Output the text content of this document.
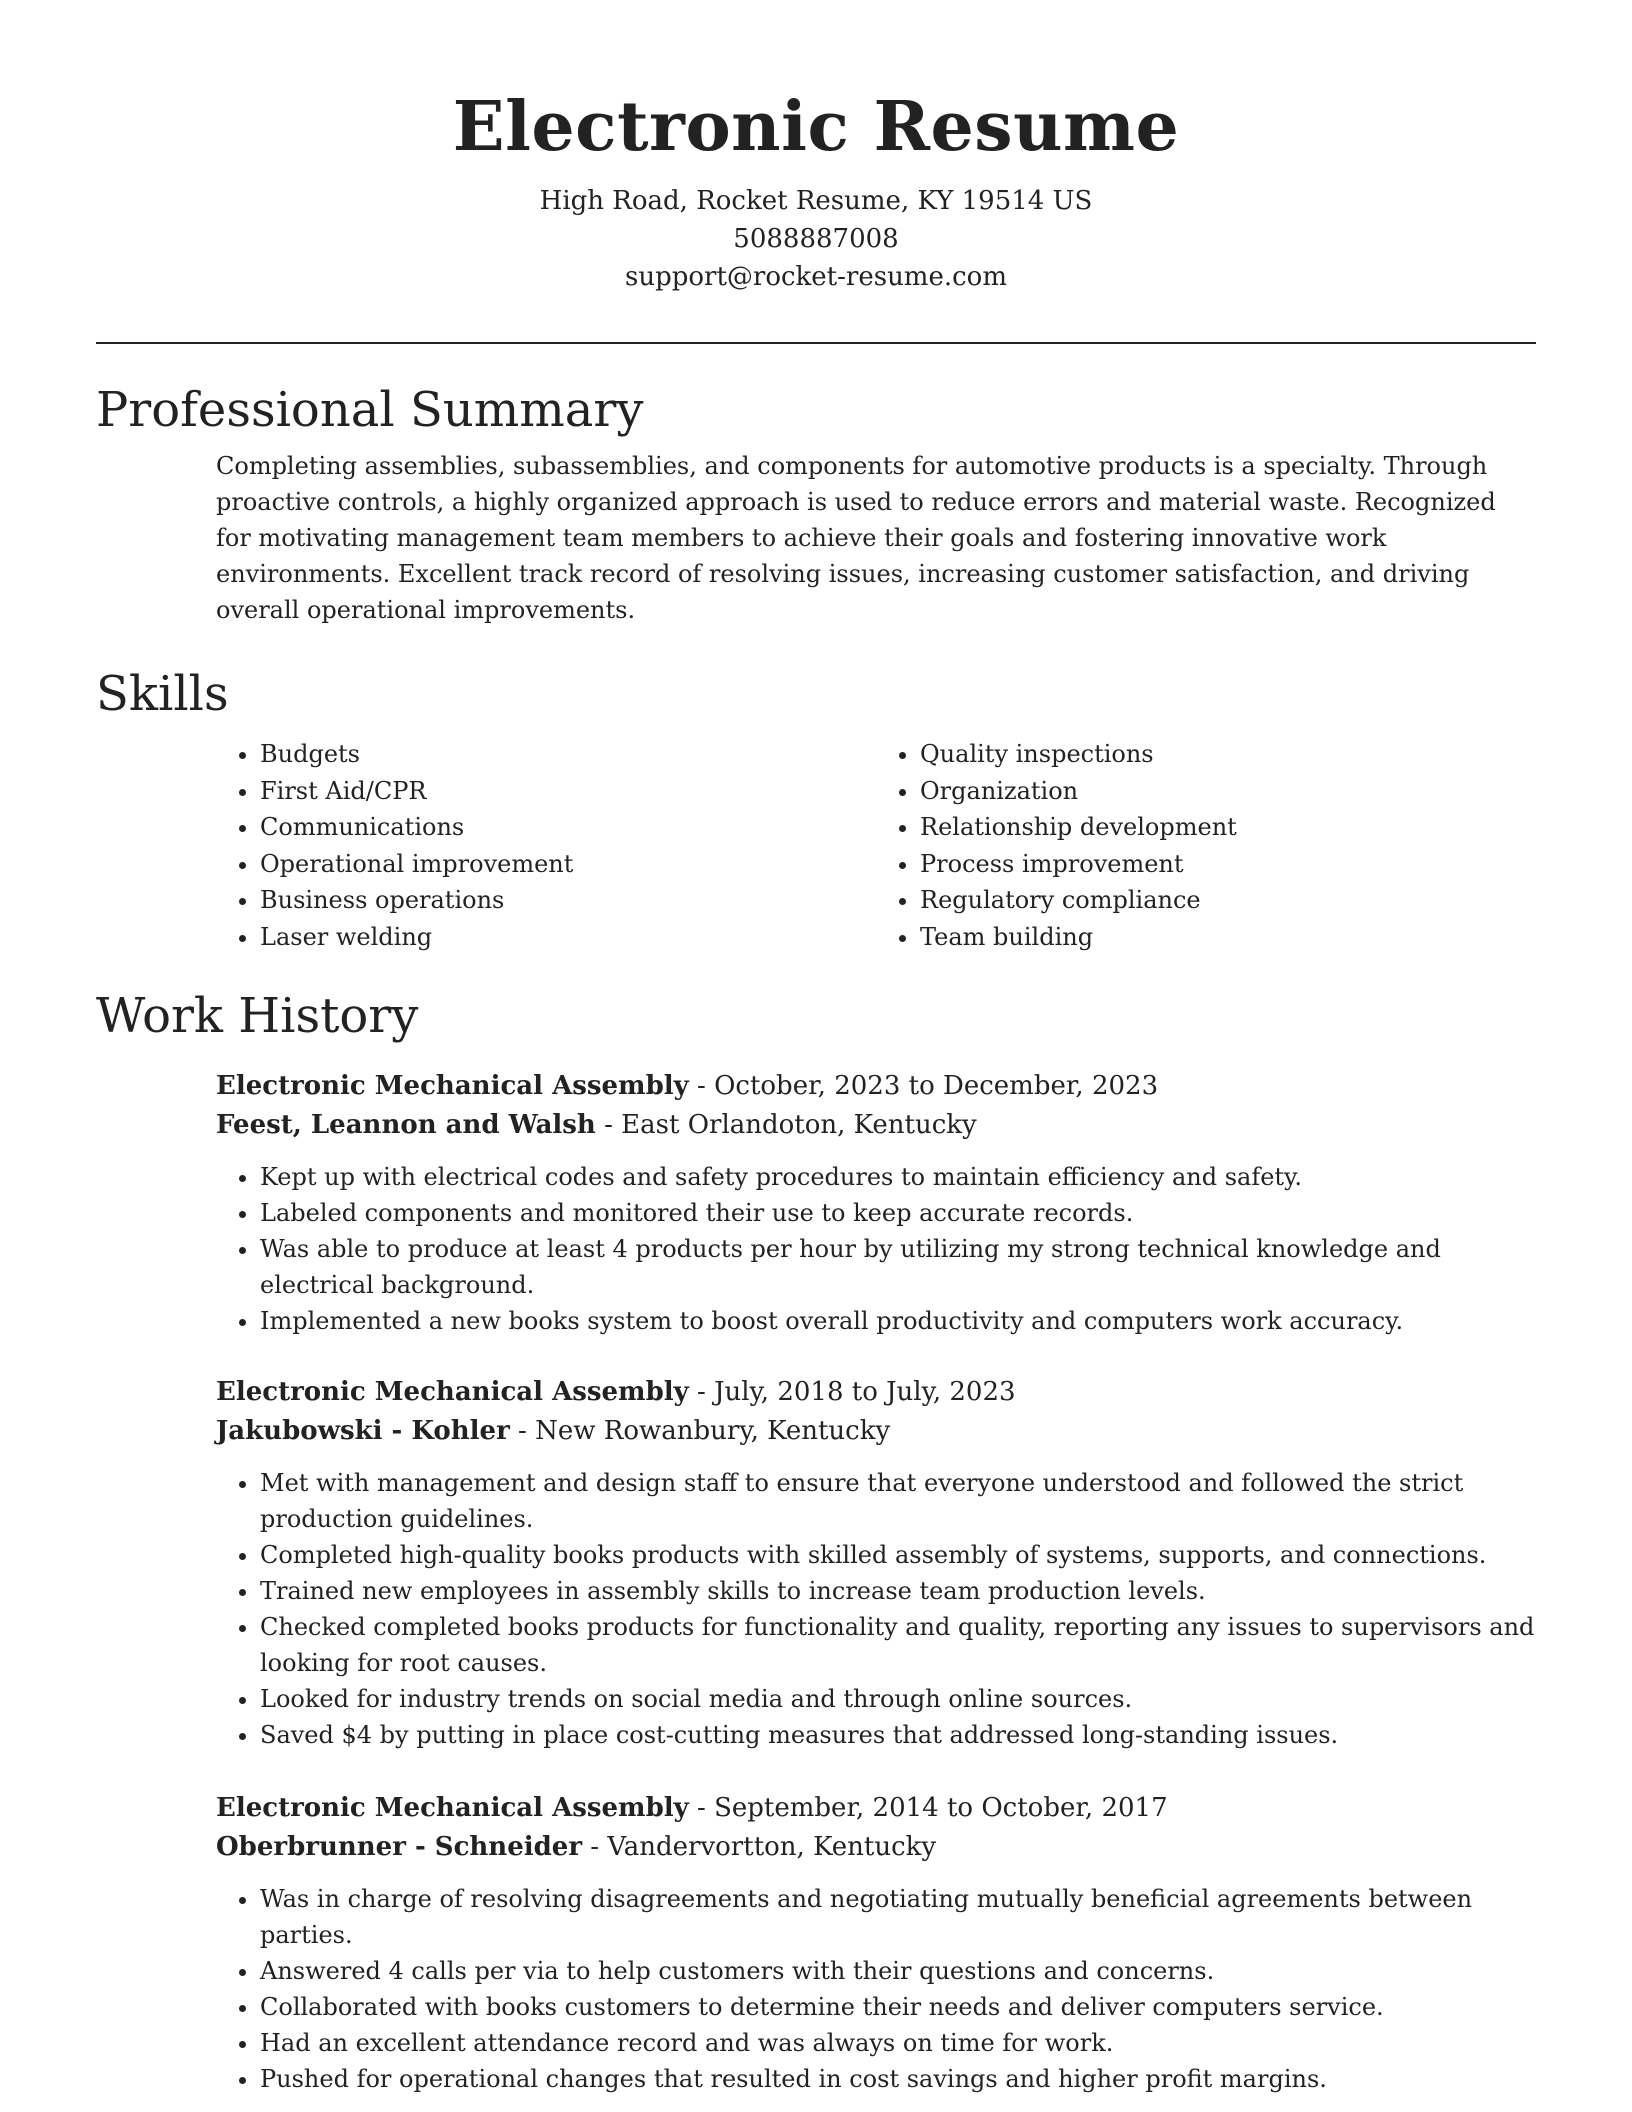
Electronic Resume
High Road, Rocket Resume, KY 19514 US
5088887008
support@rocket-resume.com
Professional Summary
Completing assemblies, subassemblies, and components for automotive products is a specialty. Through proactive controls, a highly organized approach is used to reduce errors and material waste. Recognized for motivating management team members to achieve their goals and fostering innovative work environments. Excellent track record of resolving issues, increasing customer satisfaction, and driving overall operational improvements.
Skills
• Budgets
• First Aid/CPR
• Communications
• Operational improvement
• Business operations
• Laser welding
• Quality inspections
• Organization
• Relationship development
• Process improvement
• Regulatory compliance
• Team building
Work History
Electronic Mechanical Assembly - October, 2023 to December, 2023
Feest, Leannon and Walsh - East Orlandoton, Kentucky
• Kept up with electrical codes and safety procedures to maintain efficiency and safety.
• Labeled components and monitored their use to keep accurate records.
• Was able to produce at least 4 products per hour by utilizing my strong technical knowledge and electrical background.
• Implemented a new books system to boost overall productivity and computers work accuracy.
Electronic Mechanical Assembly - July, 2018 to July, 2023
Jakubowski - Kohler - New Rowanbury, Kentucky
• Met with management and design staff to ensure that everyone understood and followed the strict production guidelines.
• Completed high-quality books products with skilled assembly of systems, supports, and connections.
• Trained new employees in assembly skills to increase team production levels.
• Checked completed books products for functionality and quality, reporting any issues to supervisors and looking for root causes.
• Looked for industry trends on social media and through online sources.
• Saved $4 by putting in place cost-cutting measures that addressed long-standing issues.
Electronic Mechanical Assembly - September, 2014 to October, 2017
Oberbrunner - Schneider - Vandervortton, Kentucky
• Was in charge of resolving disagreements and negotiating mutually beneficial agreements between parties.
• Answered 4 calls per via to help customers with their questions and concerns.
• Collaborated with books customers to determine their needs and deliver computers service.
• Had an excellent attendance record and was always on time for work.
• Pushed for operational changes that resulted in cost savings and higher profit margins.
